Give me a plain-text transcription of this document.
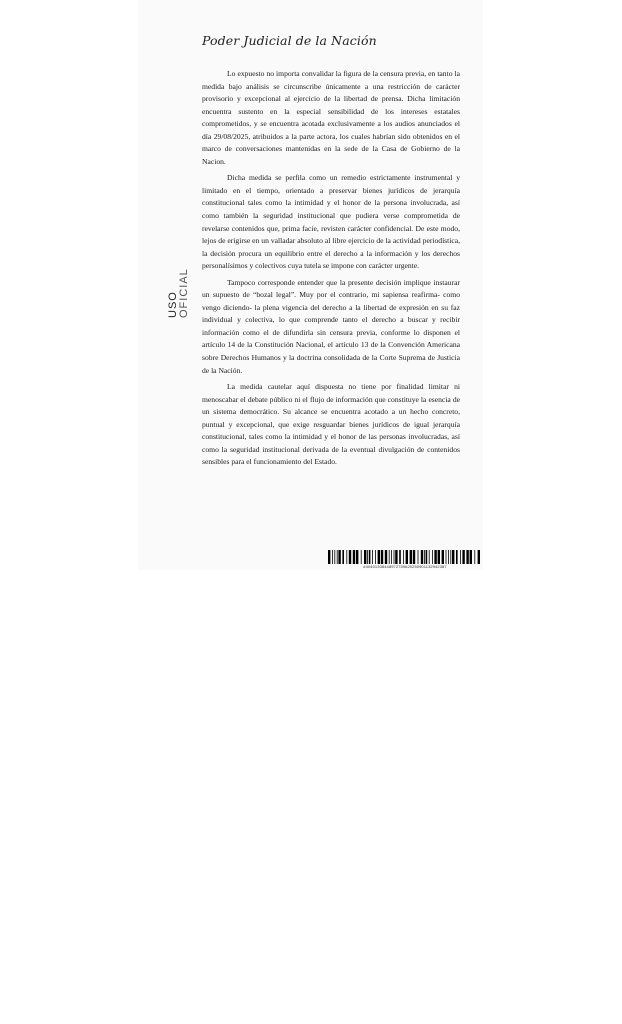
Poder Judicial de la Nación
USO OFICIAL

Lo expuesto no importa convalidar la figura de la censura previa, en tanto la medida bajo análisis se circunscribe únicamente a una restricción de carácter provisorio y excepcional al ejercicio de la libertad de prensa. Dicha limitación encuentra sustento en la especial sensibilidad de los intereses estatales comprometidos, y se encuentra acotada exclusivamente a los audios anunciados el día 29/08/2025, atribuidos a la parte actora, los cuales habrían sido obtenidos en el marco de conversaciones mantenidas en la sede de la Casa de Gobierno de la Nacion.

Dicha medida se perfila como un remedio estrictamente instrumental y limitado en el tiempo, orientado a preservar bienes jurídicos de jerarquía constitucional tales como la intimidad y el honor de la persona involucrada, así como también la seguridad institucional que pudiera verse comprometida de revelarse contenidos que, prima facie, revisten carácter confidencial. De este modo, lejos de erigirse en un valladar absoluto al libre ejercicio de la actividad periodística, la decisión procura un equilibrio entre el derecho a la información y los derechos personalísimos y colectivos cuya tutela se impone con carácter urgente.

Tampoco corresponde entender que la presente decisión implique instaurar un supuesto de “bozal legal”. Muy por el contrario, mi sapiensa reafirma- como vengo diciendo- la plena vigencia del derecho a la libertad de expresión en su faz individual y colectiva, lo que comprende tanto el derecho a buscar y recibir información como el de difundirla sin censura previa, conforme lo disponen el artículo 14 de la Constitución Nacional, el artículo 13 de la Convención Americana sobre Derechos Humanos y la doctrina consolidada de la Corte Suprema de Justicia de la Nación.

La medida cautelar aquí dispuesta no tiene por finalidad limitar ni menoscabar el debate público ni el flujo de información que constituye la esencia de un sistema democrático. Su alcance se encuentra acotado a un hecho concreto, puntual y excepcional, que exige resguardar bienes jurídicos de igual jerarquía constitucional, tales como la intimidad y el honor de las personas involucradas, así como la seguridad institucional derivada de la eventual divulgación de contenidos sensibles para el funcionamiento del Estado.

#40401308448972759#20250901132942387
